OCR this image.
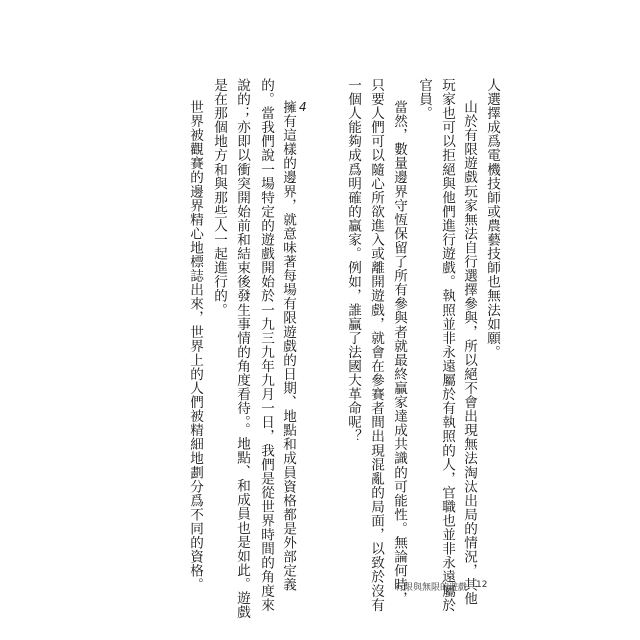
人選擇成爲電機技師或農藝技師也無法如願。
山於有限遊戲玩家無法自行選擇參與，所以絕不會出現無法淘汰出局的情況，其他
玩家也可以拒絕與他們進行遊戲。執照並非永遠屬於有執照的人，官職也並非永遠屬於
官員。
當然，數量邊界守恆保留了所有參與者就最終贏家達成共識的可能性。無論何時，
只要人們可以隨心所欲進入或離開遊戲，就會在參賽者間出現混亂的局面，以致於沒有
一個人能夠成爲明確的贏家。例如，誰贏了法國大革命呢？
4
擁有這樣的邊界，就意味著每場有限遊戲的日期、地點和成員資格都是外部定義
的。當我們說一場特定的遊戲開始於一九三九年九月一日，我們是從世界時間的角度來
說的；亦即以衝突開始前和結束後發生事情的角度看待。。地點、和成員也是如此。遊戲
是在那個地方和與那些人一起進行的。
世界被觀賽的邊界精心地標誌出來，世界上的人們被精細地劃分爲不同的資格。	有限與無限的遊戲 12
